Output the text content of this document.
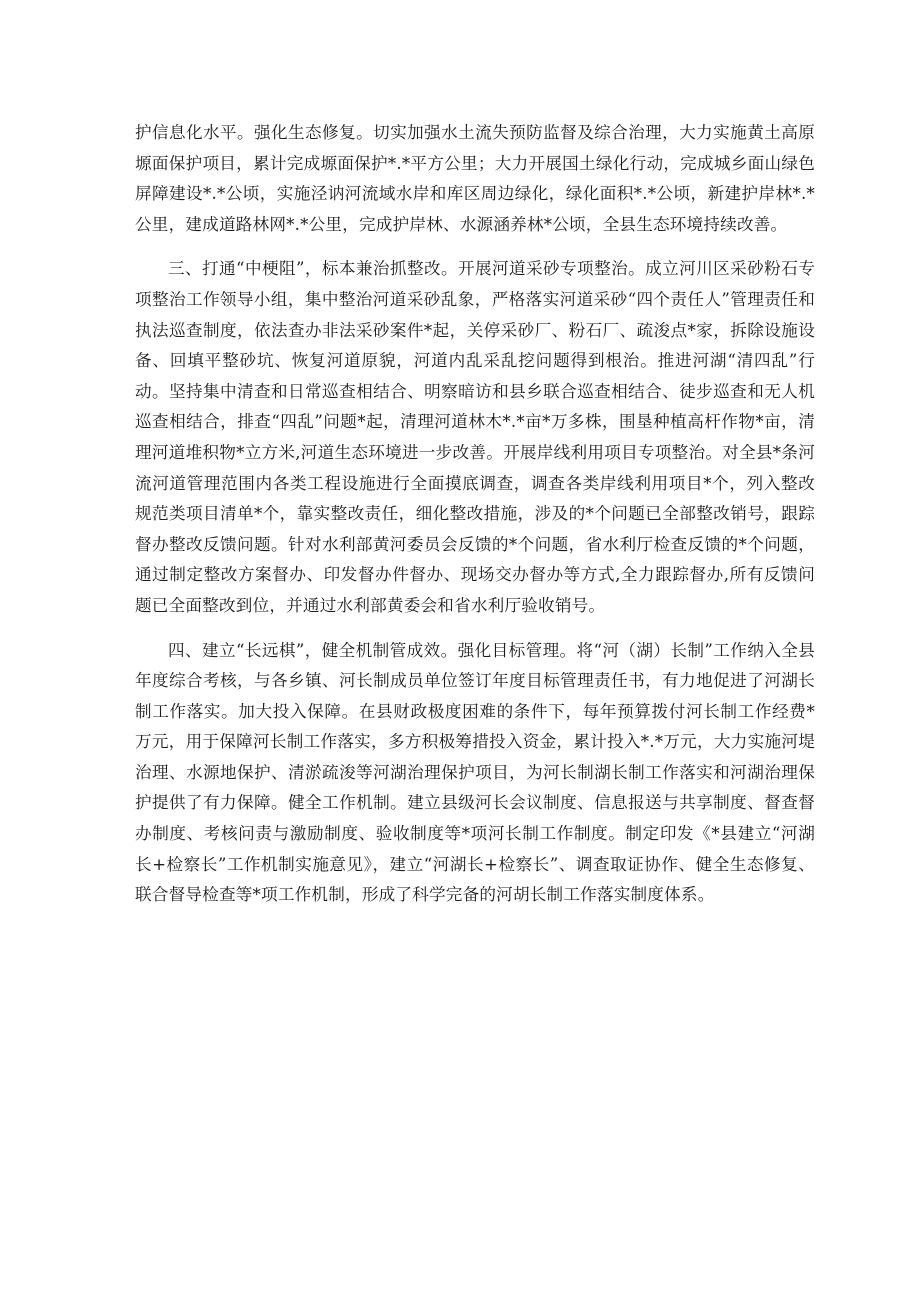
护信息化水平。强化生态修复。切实加强水土流失预防监督及综合治理，大力实施黄土高原塬面保护项目，累计完成塬面保护*.*平方公里；大力开展国土绿化行动，完成城乡面山绿色屏障建设*.*公顷，实施泾讷河流域水岸和库区周边绿化，绿化面积*.*公顷，新建护岸林*.*公里，建成道路林网*.*公里，完成护岸林、水源涵养林*公顷，全县生态环境持续改善。

三、打通“中梗阻”，标本兼治抓整改。开展河道采砂专项整治。成立河川区采砂粉石专项整治工作领导小组，集中整治河道采砂乱象，严格落实河道采砂“四个责任人”管理责任和执法巡查制度，依法查办非法采砂案件*起，关停采砂厂、粉石厂、疏浚点*家，拆除设施设备、回填平整砂坑、恢复河道原貌，河道内乱采乱挖问题得到根治。推进河湖“清四乱”行动。坚持集中清查和日常巡查相结合、明察暗访和县乡联合巡查相结合、徒步巡查和无人机巡查相结合，排查“四乱”问题*起，清理河道林木*.*亩*万多株，围垦种植高杆作物*亩，清理河道堆积物*立方米,河道生态环境进一步改善。开展岸线利用项目专项整治。对全县*条河流河道管理范围内各类工程设施进行全面摸底调查，调查各类岸线利用项目*个，列入整改规范类项目清单*个，靠实整改责任，细化整改措施，涉及的*个问题已全部整改销号，跟踪督办整改反馈问题。针对水利部黄河委员会反馈的*个问题，省水利厅检查反馈的*个问题，通过制定整改方案督办、印发督办件督办、现场交办督办等方式,全力跟踪督办,所有反馈问题已全面整改到位，并通过水利部黄委会和省水利厅验收销号。

四、建立“长远棋”，健全机制管成效。强化目标管理。将“河（湖）长制”工作纳入全县年度综合考核，与各乡镇、河长制成员单位签订年度目标管理责任书，有力地促进了河湖长制工作落实。加大投入保障。在县财政极度困难的条件下，每年预算拨付河长制工作经费*万元，用于保障河长制工作落实，多方积极筹措投入资金，累计投入*.*万元，大力实施河堤治理、水源地保护、清淤疏浚等河湖治理保护项目，为河长制湖长制工作落实和河湖治理保护提供了有力保障。健全工作机制。建立县级河长会议制度、信息报送与共享制度、督查督办制度、考核问责与激励制度、验收制度等*项河长制工作制度。制定印发《*县建立“河湖长+检察长”工作机制实施意见》，建立“河湖长+检察长”、调查取证协作、健全生态修复、联合督导检查等*项工作机制，形成了科学完备的河胡长制工作落实制度体系。
